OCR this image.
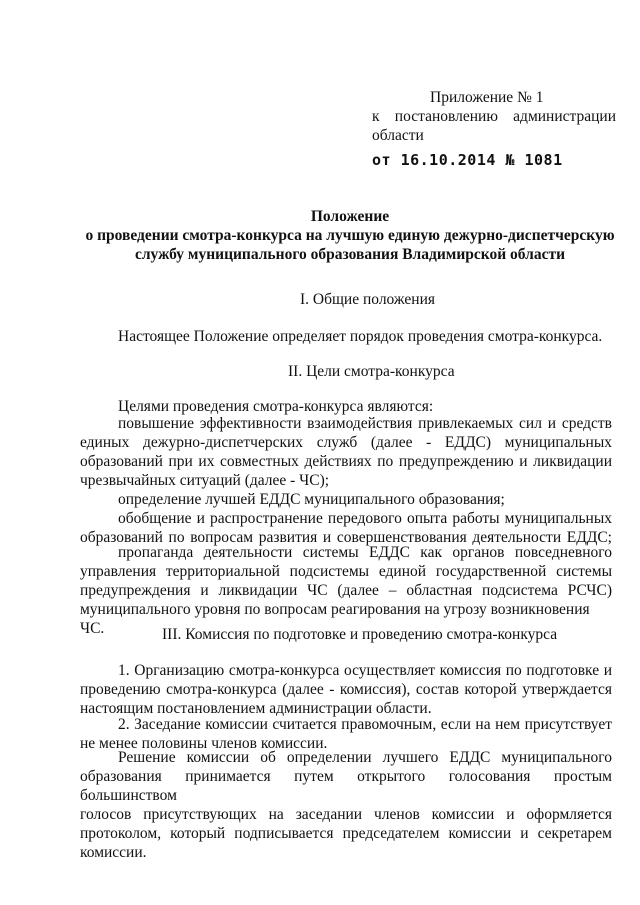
Приложение № 1
к постановлению администрации
области
от 16.10.2014 № 1081
Положение
о проведении смотра-конкурса на лучшую единую дежурно-диспетчерскую
службу муниципального образования Владимирской области
I. Общие положения
Настоящее Положение определяет порядок проведения смотра-конкурса.
II. Цели смотра-конкурса
Целями проведения смотра-конкурса являются:
повышение эффективности взаимодействия привлекаемых сил и средств
единых дежурно-диспетчерских служб (далее - ЕДДС) муниципальных
образований при их совместных действиях по предупреждению и ликвидации
чрезвычайных ситуаций (далее - ЧС);
определение лучшей ЕДДС муниципального образования;
обобщение и распространение передового опыта работы муниципальных
образований по вопросам развития и совершенствования деятельности ЕДДС;
пропаганда деятельности системы ЕДДС как органов повседневного
управления территориальной подсистемы единой государственной системы
предупреждения и ликвидации ЧС (далее – областная подсистема РСЧС)
муниципального уровня по вопросам реагирования на угрозу возникновения ЧС.	III. Комиссия по подготовке и проведению смотра-конкурса
1. Организацию смотра-конкурса осуществляет комиссия по подготовке и
проведению смотра-конкурса (далее - комиссия), состав которой утверждается
настоящим постановлением администрации области.
2. Заседание комиссии считается правомочным, если на нем присутствует
не менее половины членов комиссии.
Решение комиссии об определении лучшего ЕДДС муниципального
образования принимается путем открытого голосования простым большинством
голосов присутствующих на заседании членов комиссии и оформляется
протоколом, который подписывается председателем комиссии и секретарем
комиссии.
